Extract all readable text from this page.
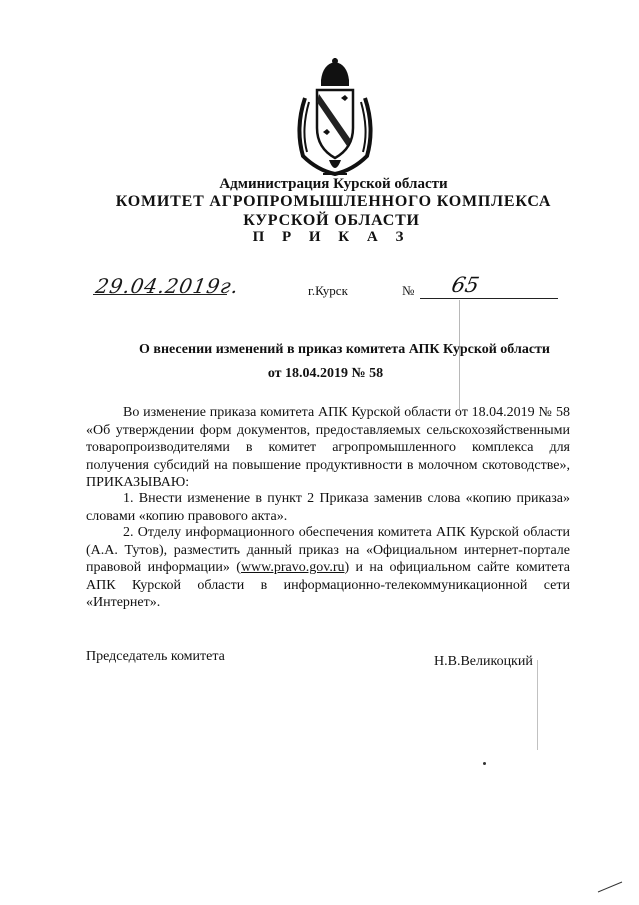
Администрация Курской области
КОМИТЕТ АГРОПРОМЫШЛЕННОГО КОМПЛЕКСА
КУРСКОЙ ОБЛАСТИ
П Р И К А З
29.04.2019г.	г.Курск	№ 65
О внесении изменений в приказ комитета АПК Курской области
от 18.04.2019 № 58
Во изменение приказа комитета АПК Курской области от 18.04.2019 № 58 «Об утверждении форм документов, предоставляемых сельскохозяйственными товаропроизводителями в комитет агропромышленного комплекса для получения субсидий на повышение продуктивности в молочном скотоводстве», ПРИКАЗЫВАЮ:
1. Внести изменение в пункт 2 Приказа заменив слова «копию приказа» словами «копию правового акта».
2. Отделу информационного обеспечения комитета АПК Курской области (А.А. Тутов), разместить данный приказ на «Официальном интернет-портале правовой информации» (www.pravo.gov.ru) и на официальном сайте комитета АПК Курской области в информационно-телекоммуникационной сети «Интернет».
Председатель комитета	Н.В.Великоцкий
